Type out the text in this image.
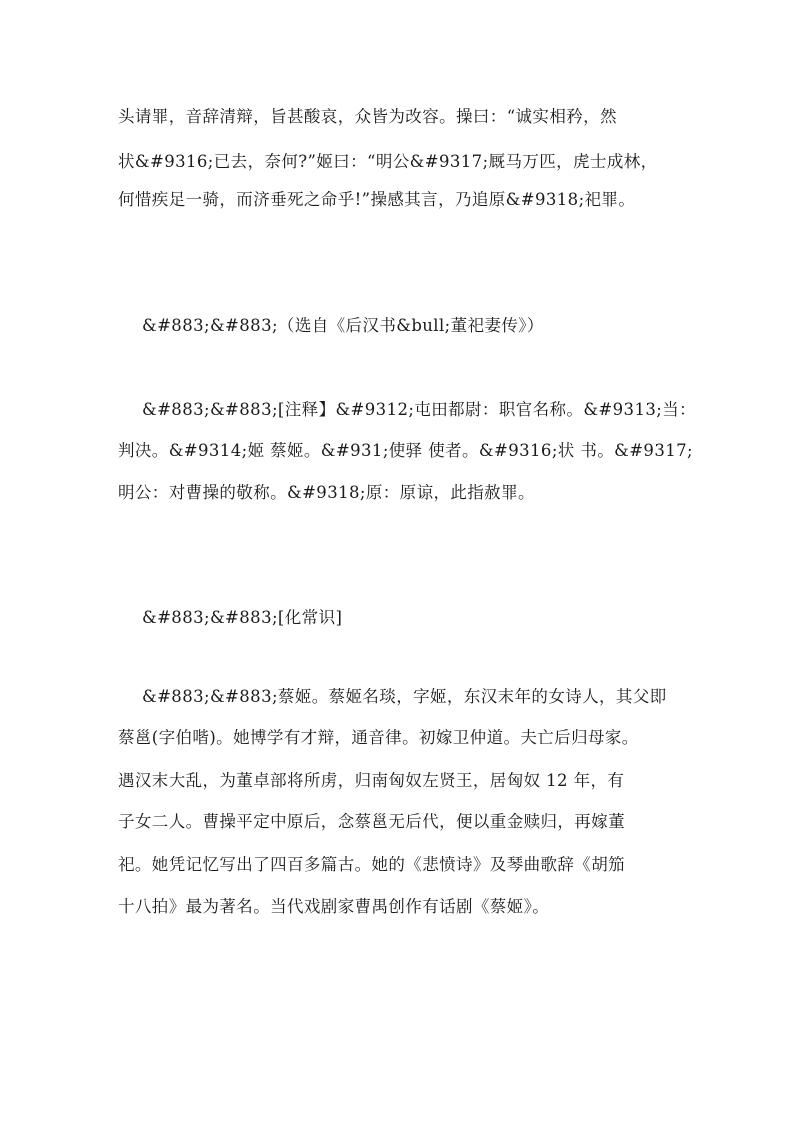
头请罪，音辞清辩，旨甚酸哀，众皆为改容。操曰：“诚实相矜，然
状&#9316;已去，奈何?”姬曰：“明公&#9317;厩马万匹，虎士成林，
何惜疾足一骑，而济垂死之命乎!”操感其言，乃追原&#9318;祀罪。
&#883;&#883;（选自《后汉书&bull;董祀妻传》）
&#883;&#883;[注释】&#9312;屯田都尉：职官名称。&#9313;当：
判决。&#9314;姬 蔡姬。&#931;使驿 使者。&#9316;状 书。&#9317;
明公：对曹操的敬称。&#9318;原：原谅，此指赦罪。
&#883;&#883;[化常识]
&#883;&#883;蔡姬。蔡姬名琰，字姬，东汉末年的女诗人，其父即
蔡邕(字伯喈)。她博学有才辩，通音律。初嫁卫仲道。夫亡后归母家。
遇汉末大乱，为董卓部将所虏，归南匈奴左贤王，居匈奴 12 年，有
子女二人。曹操平定中原后，念蔡邕无后代，便以重金赎归，再嫁董
祀。她凭记忆写出了四百多篇古。她的《悲愤诗》及琴曲歌辞《胡笳
十八拍》最为著名。当代戏剧家曹禺创作有话剧《蔡姬》。
